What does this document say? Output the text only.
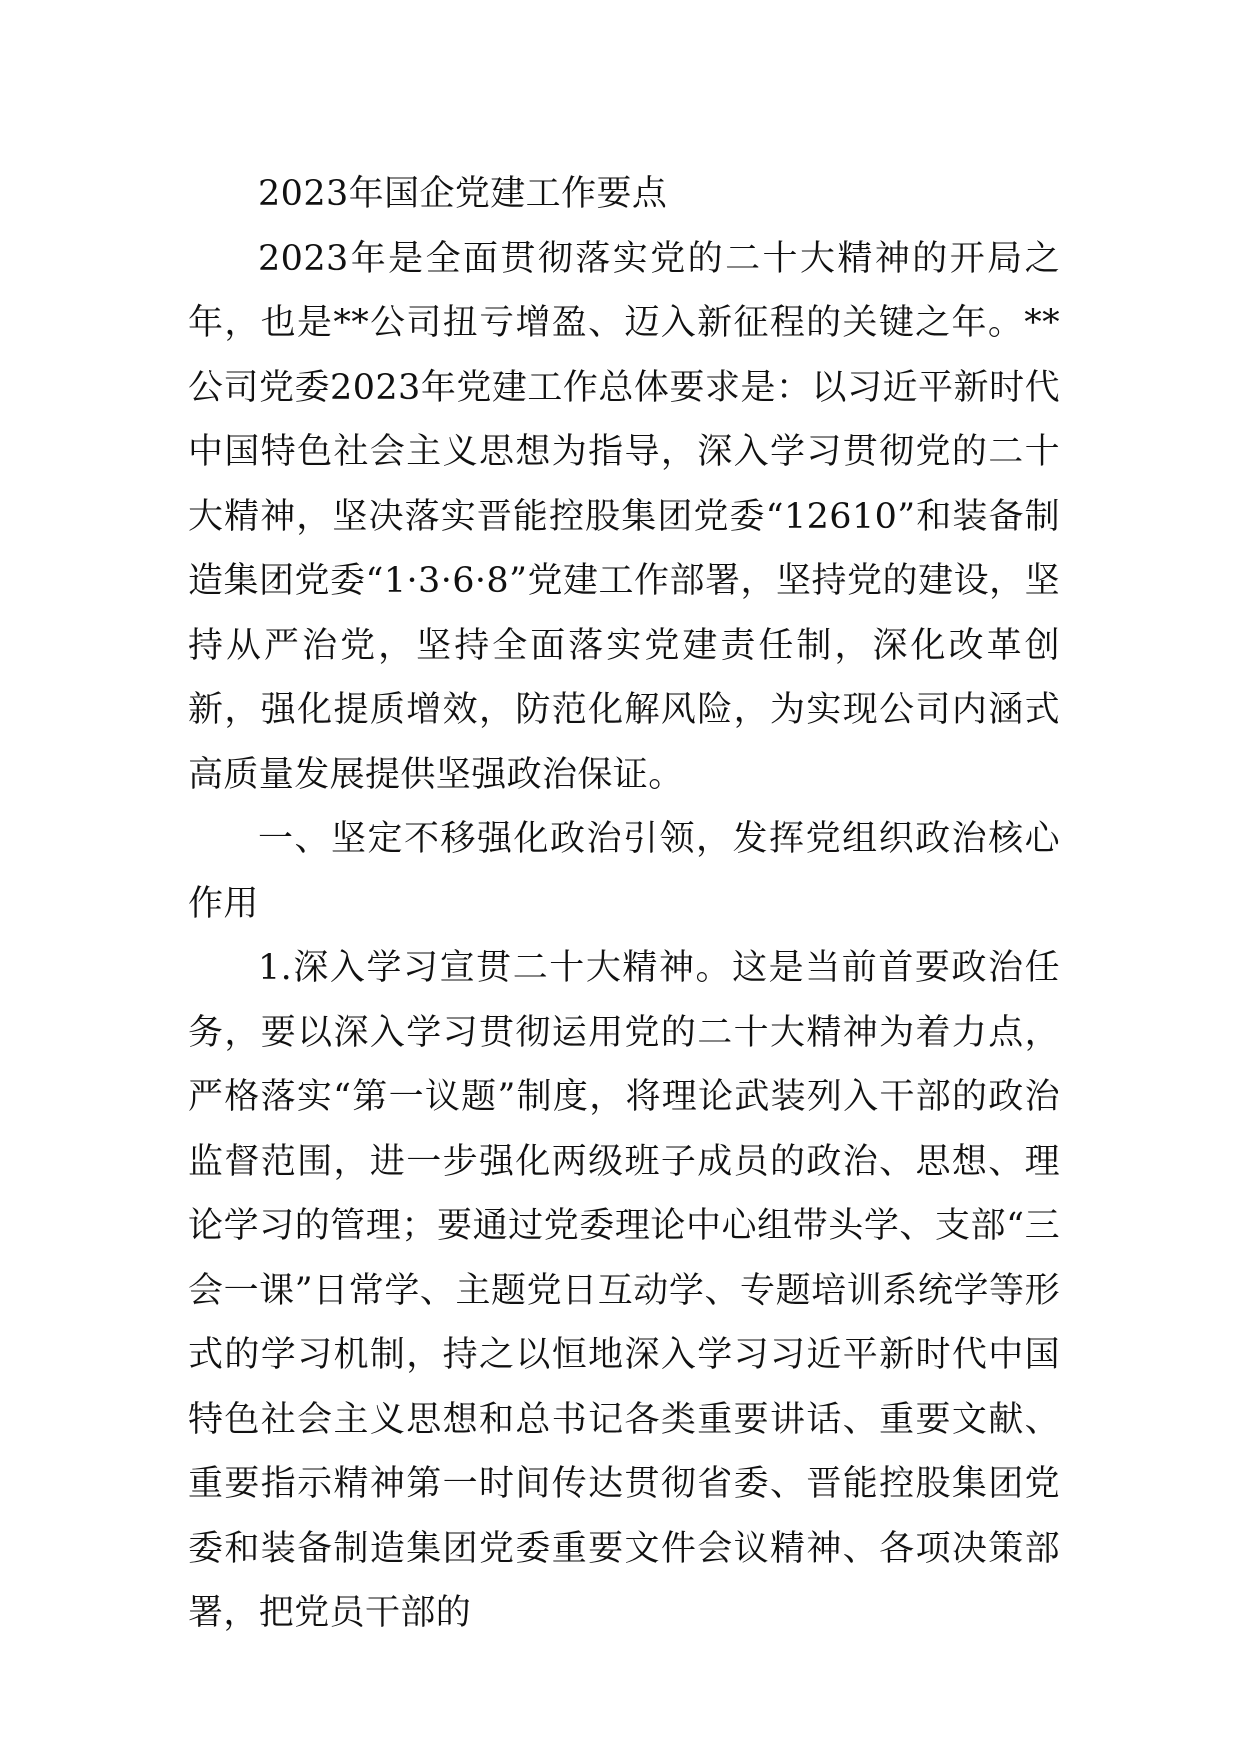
2023年国企党建工作要点

2023年是全面贯彻落实党的二十大精神的开局之年，也是**公司扭亏增盈、迈入新征程的关键之年。**公司党委2023年党建工作总体要求是：以习近平新时代中国特色社会主义思想为指导，深入学习贯彻党的二十大精神，坚决落实晋能控股集团党委“12610”和装备制造集团党委“1·3·6·8”党建工作部署，坚持党的建设，坚持从严治党，坚持全面落实党建责任制，深化改革创新，强化提质增效，防范化解风险，为实现公司内涵式高质量发展提供坚强政治保证。

一、坚定不移强化政治引领，发挥党组织政治核心作用

1.深入学习宣贯二十大精神。这是当前首要政治任务，要以深入学习贯彻运用党的二十大精神为着力点，严格落实“第一议题”制度，将理论武装列入干部的政治监督范围，进一步强化两级班子成员的政治、思想、理论学习的管理；要通过党委理论中心组带头学、支部“三会一课”日常学、主题党日互动学、专题培训系统学等形式的学习机制，持之以恒地深入学习习近平新时代中国特色社会主义思想和总书记各类重要讲话、重要文献、重要指示精神第一时间传达贯彻省委、晋能控股集团党委和装备制造集团党委重要文件会议精神、各项决策部署，把党员干部的
